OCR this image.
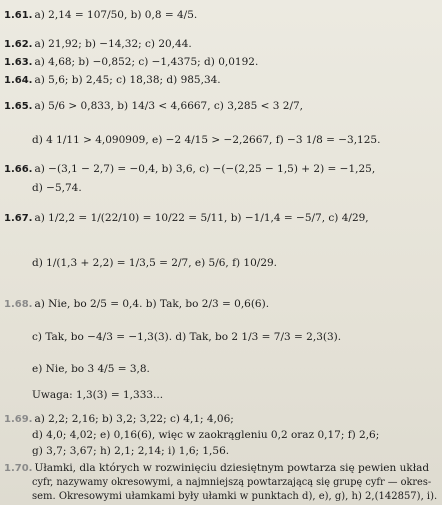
1.61. a) 2,14 = 107/50, b) 0,8 = 4/5.
1.62. a) 21,92; b) −14,32; c) 20,44.
1.63. a) 4,68; b) −0,852; c) −1,4375; d) 0,0192.
1.64. a) 5,6; b) 2,45; c) 18,38; d) 985,34.
1.65. a) 5/6 > 0,833, b) 14/3 < 4,6667, c) 3,285 < 3 2/7,
d) 4 1/11 > 4,090909, e) −2 4/15 > −2,2667, f) −3 1/8 = −3,125.
1.66. a) −(3,1 − 2,7) = −0,4, b) 3,6, c) −(−(2,25 − 1,5) + 2) = −1,25,
d) −5,74.
1.67. a) 1/2,2 = 1/(22/10) = 10/22 = 5/11, b) −1/1,4 = −5/7, c) 4/29,
d) 1/(1,3 + 2,2) = 1/3,5 = 2/7, e) 5/6, f) 10/29.
1.68. a) Nie, bo 2/5 = 0,4. b) Tak, bo 2/3 = 0,6(6).
c) Tak, bo −4/3 = −1,3(3). d) Tak, bo 2 1/3 = 7/3 = 2,3(3).
e) Nie, bo 3 4/5 = 3,8.
Uwaga: 1,3(3) = 1,333...
1.69. a) 2,2; 2,16; b) 3,2; 3,22; c) 4,1; 4,06;
d) 4,0; 4,02; e) 0,16(6), więc w zaokrągleniu 0,2 oraz 0,17; f) 2,6;
g) 3,7; 3,67; h) 2,1; 2,14; i) 1,6; 1,56.
1.70. Ułamki, dla których w rozwinięciu dziesiętnym powtarza się pewien układ
cyfr, nazywamy okresowymi, a najmniejszą powtarzającą się grupę cyfr — okres-
sem. Okresowymi ułamkami były ułamki w punktach d), e), g), h) 2,(142857), i).
